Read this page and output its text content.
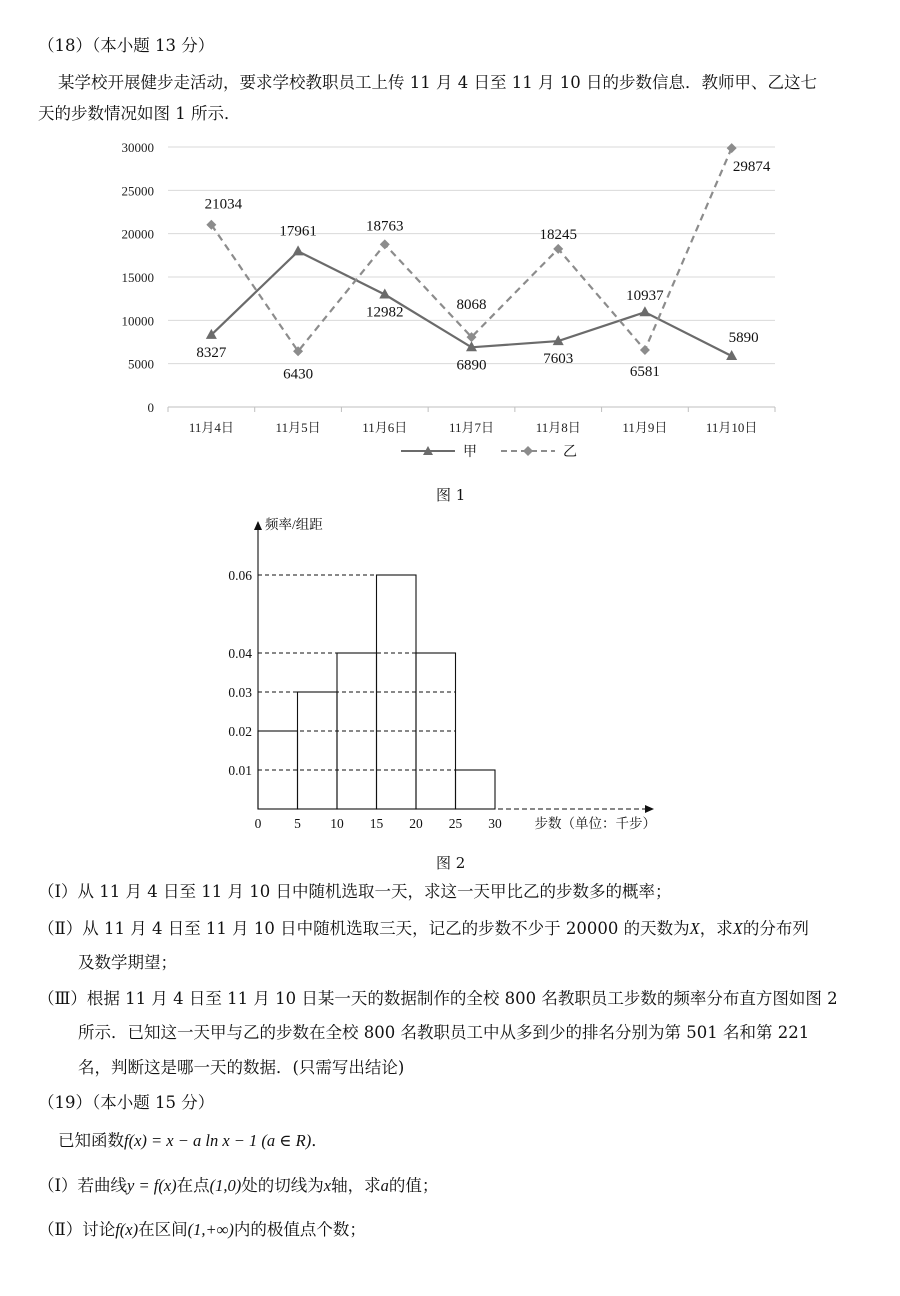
（18）（本小题 13 分）
某学校开展健步走活动，要求学校教职员工上传 11 月 4 日至 11 月 10 日的步数信息．教师甲、乙这七
天的步数情况如图 1 所示．
0
5000
10000
15000
20000
25000
30000
11月4日	11月5日	11月6日	11月7日	11月8日	11月9日	11月10日
8327
17961
12982
6890	7603
10937
5890
21034
6430
18763
8068
18245
6581
29874
甲	乙
图 1
0.01
0.02
0.03
0.04
0.06
0 5 10 15 20 25 30
频率/组距
步数（单位：千步）
图 2
（Ⅰ）从 11 月 4 日至 11 月 10 日中随机选取一天，求这一天甲比乙的步数多的概率；
（Ⅱ）从 11 月 4 日至 11 月 10 日中随机选取三天，记乙的步数不少于 20000 的天数为X，求X的分布列
及数学期望；
（Ⅲ）根据 11 月 4 日至 11 月 10 日某一天的数据制作的全校 800 名教职员工步数的频率分布直方图如图 2
所示．已知这一天甲与乙的步数在全校 800 名教职员工中从多到少的排名分别为第 501 名和第 221
名，判断这是哪一天的数据．(只需写出结论)
（19）（本小题 15 分）
已知函数f(x) = x − a ln x − 1 (a ∈ R)．
（Ⅰ）若曲线y = f(x)在点(1,0)处的切线为x轴，求a的值；
（Ⅱ）讨论f(x)在区间(1,+∞)内的极值点个数；
